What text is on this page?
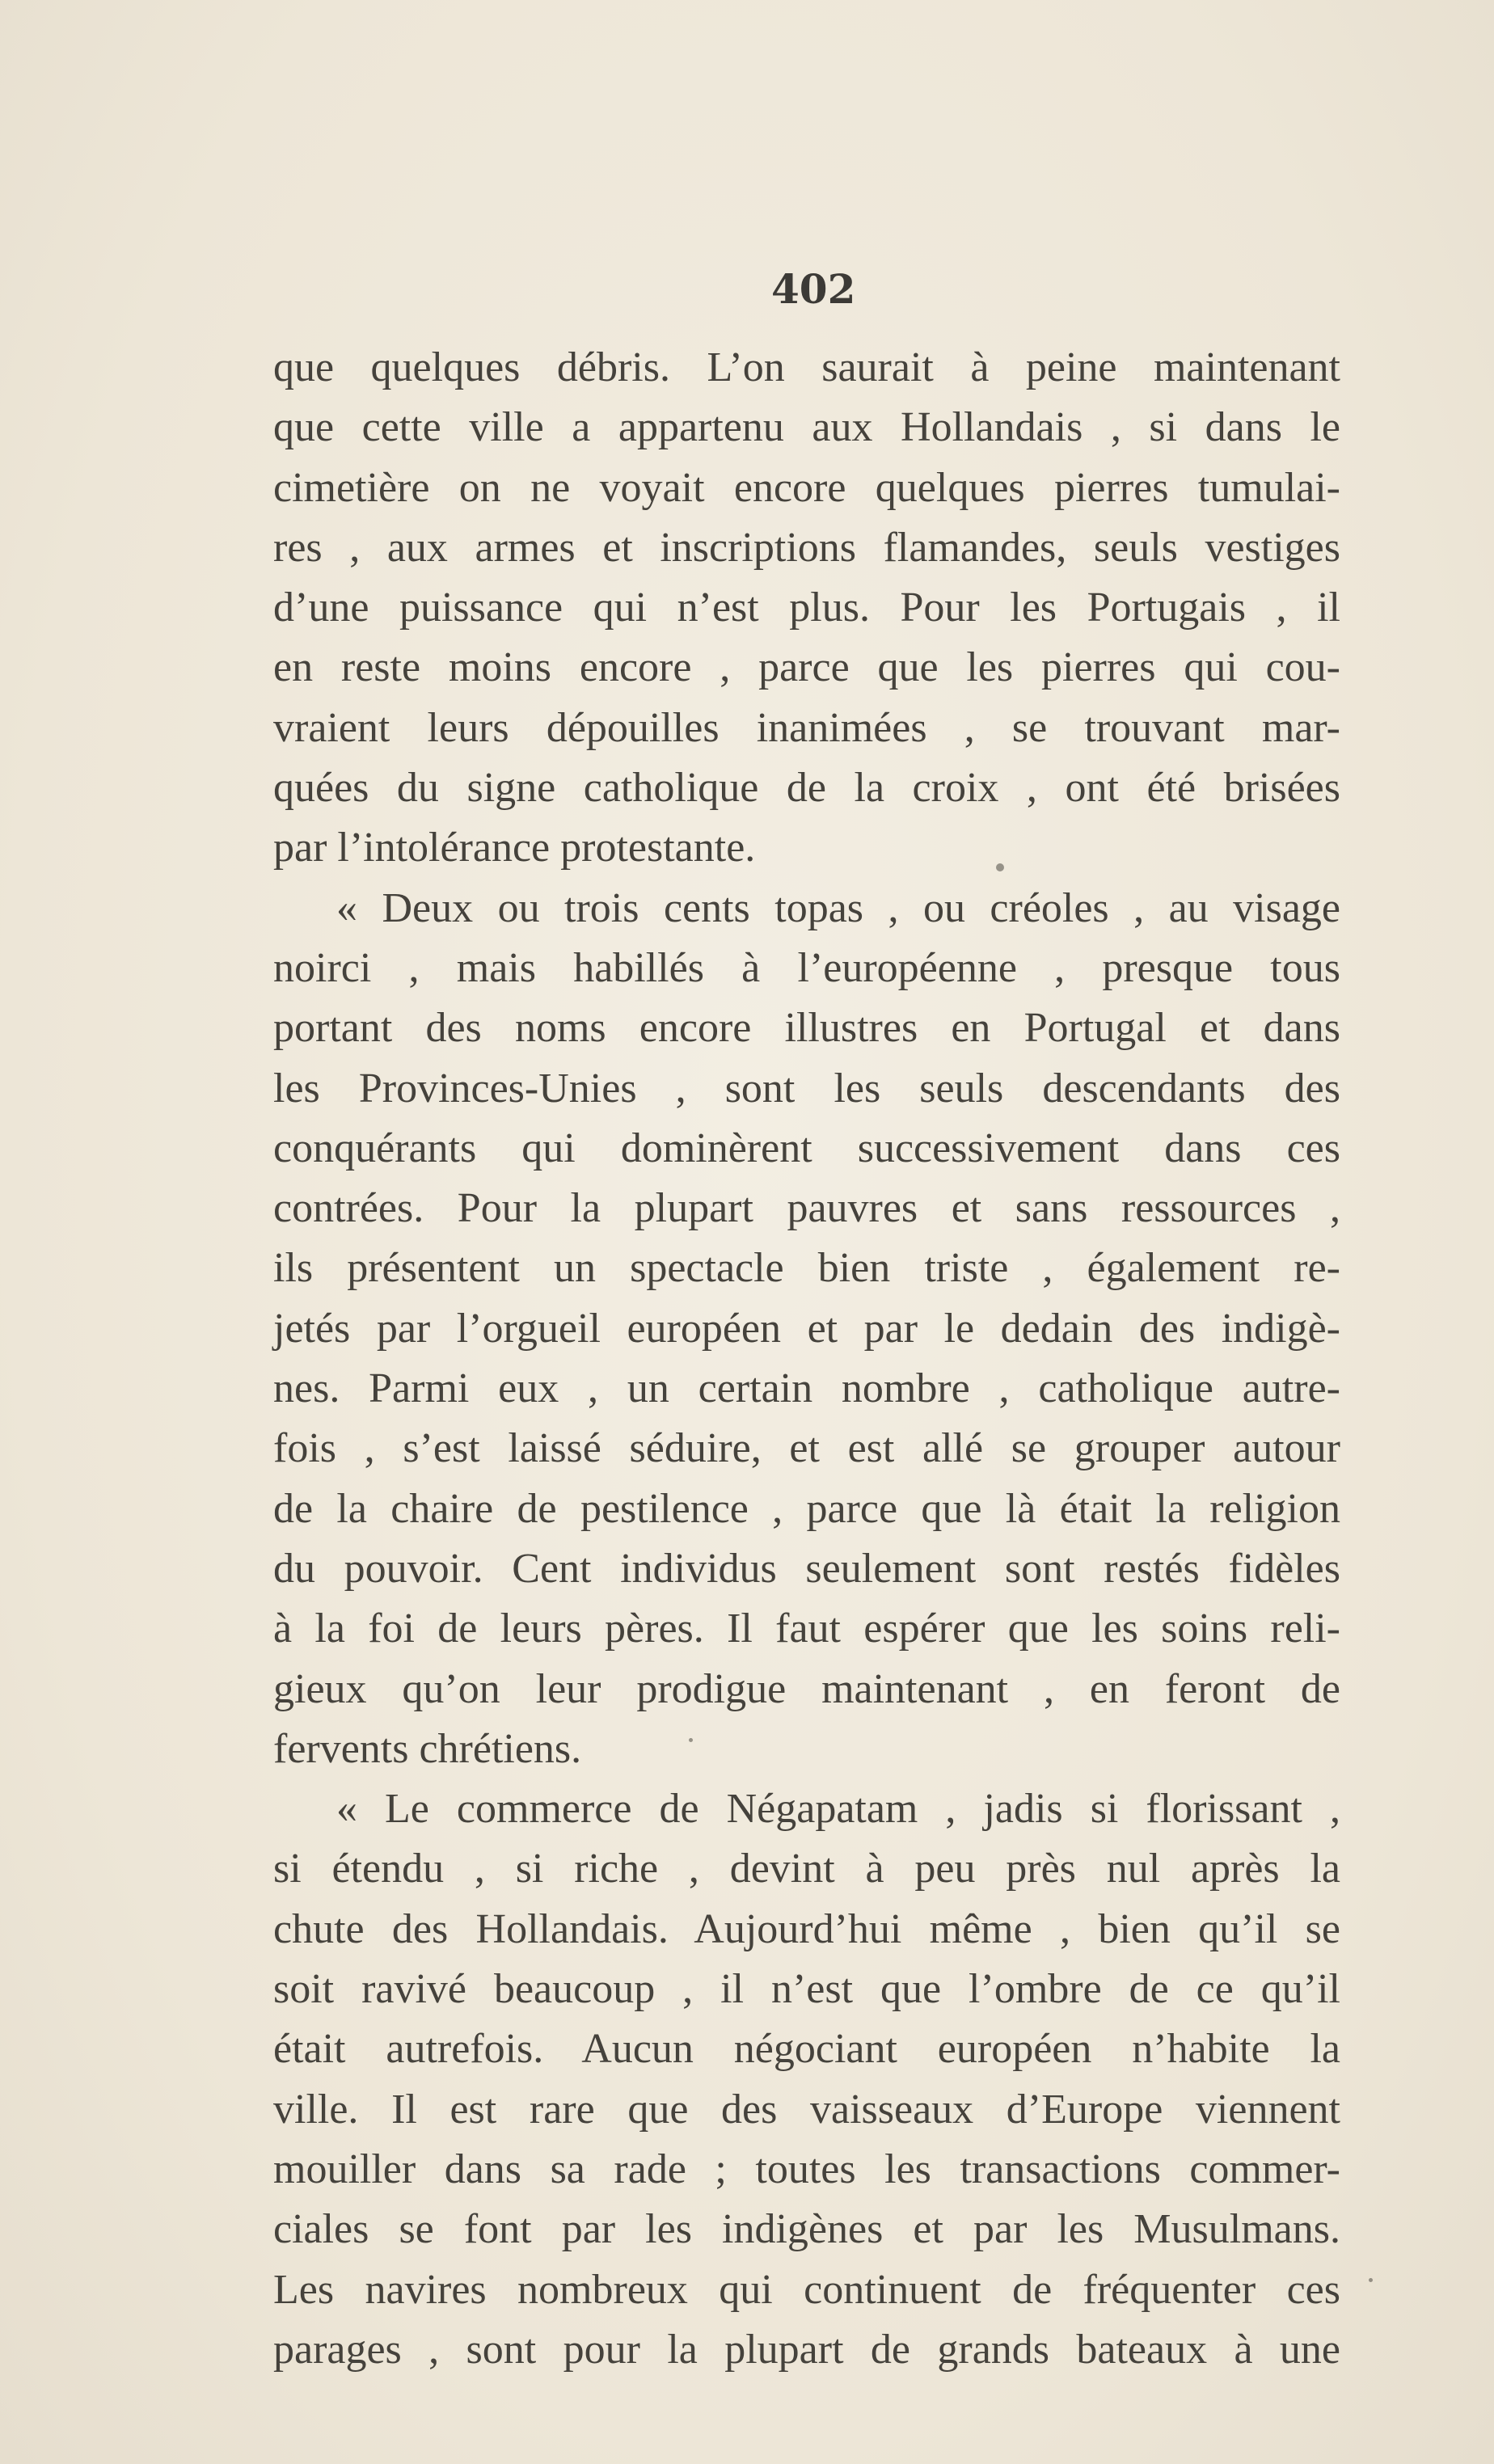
402
que quelques débris. L’on saurait à peine maintenant
que cette ville a appartenu aux Hollandais , si dans le
cimetière on ne voyait encore quelques pierres tumulai-
res , aux armes et inscriptions flamandes, seuls vestiges
d’une puissance qui n’est plus. Pour les Portugais , il
en reste moins encore , parce que les pierres qui cou-
vraient leurs dépouilles inanimées , se trouvant mar-
quées du signe catholique de la croix , ont été brisées
par l’intolérance protestante.
« Deux ou trois cents topas , ou créoles , au visage
noirci , mais habillés à l’européenne , presque tous
portant des noms encore illustres en Portugal et dans
les Provinces-Unies , sont les seuls descendants des
conquérants qui dominèrent successivement dans ces
contrées. Pour la plupart pauvres et sans ressources ,
ils présentent un spectacle bien triste , également re-
jetés par l’orgueil européen et par le dedain des indigè-
nes. Parmi eux , un certain nombre , catholique autre-
fois , s’est laissé séduire, et est allé se grouper autour
de la chaire de pestilence , parce que là était la religion
du pouvoir. Cent individus seulement sont restés fidèles
à la foi de leurs pères. Il faut espérer que les soins reli-
gieux qu’on leur prodigue maintenant , en feront de
fervents chrétiens.
« Le commerce de Négapatam , jadis si florissant ,
si étendu , si riche , devint à peu près nul après la
chute des Hollandais. Aujourd’hui même , bien qu’il se
soit ravivé beaucoup , il n’est que l’ombre de ce qu’il
était autrefois. Aucun négociant européen n’habite la
ville. Il est rare que des vaisseaux d’Europe viennent
mouiller dans sa rade ; toutes les transactions commer-
ciales se font par les indigènes et par les Musulmans.
Les navires nombreux qui continuent de fréquenter ces
parages , sont pour la plupart de grands bateaux à une
